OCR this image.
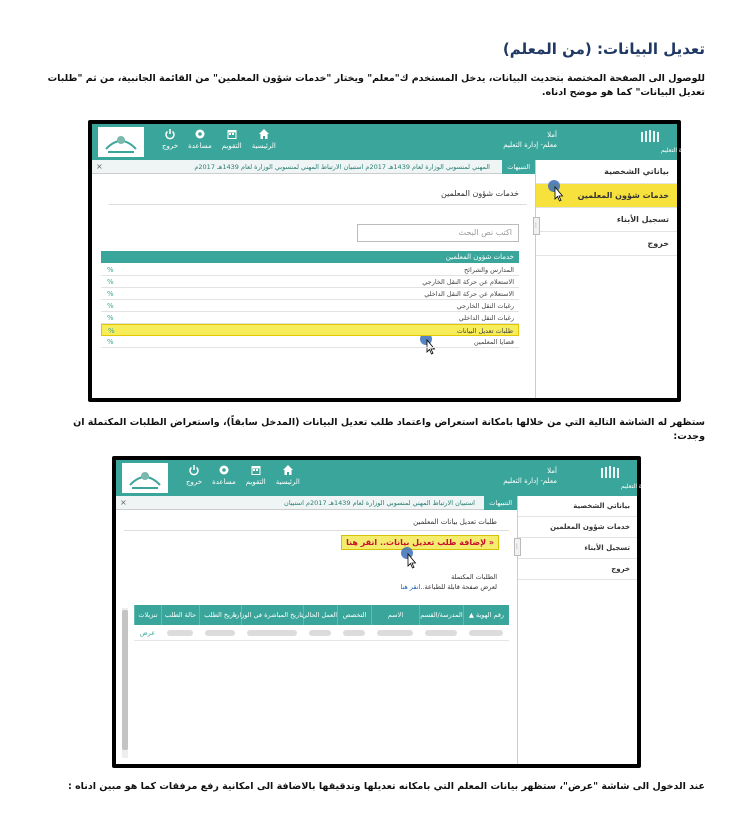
تعديل البيانات: (من المعلم)
للوصول الى الصفحة المختصة بتحديث البيانات، يدخل المستخدم ك"معلم" ويختار "خدمات شؤون المعلمين" من القائمة الجانبية، من ثم "طلبات تعديل البيانات" كما هو موضح ادناه.
ستظهر له الشاشة التالية التي من خلالها بامكانة استعراض واعتماد طلب تعديل البيانات (المدخل سابقاً)، واستعراض الطلبات المكتملة ان وجدت:
عند الدخول الى شاشة "عرض"، ستظهر بيانات المعلم التي بامكانه تعديلها وتدقيقها بالاضافة الى امكانية رفع مرفقات كما هو مبين ادناه :
وزارة التعليم
أملا
معلم- إدارة التعليم
الرئيسية
التقويم
مساعدة
خروج
بياناتي الشخصية
خدمات شؤون المعلمين
تسجيل الأبناء
خروج
التنبيهات
المهني لمنسوبي الوزارة لعام 1439هـ 2017م استبيان الارتباط المهني لمنسوبي الوزارة لعام 1439هـ 2017م
×
⋮
خدمات شؤون المعلمين
اكتب نص البحث
خدمات شؤون المعلمين
المدارس والشرائح
%
الاستعلام عن حركة النقل الخارجي
%
الاستعلام عن حركة النقل الداخلي
%
رغبات النقل الخارجي
%
رغبات النقل الداخلي
%
طلبات تعديل البيانات
%
قضايا المعلمين
%
وزارة التعليم
أملا
معلم- إدارة التعليم
الرئيسية
التقويم
مساعدة
خروج
بياناتي الشخصية
خدمات شؤون المعلمين
تسجيل الأبناء
خروج
التنبيهات
استبيان الارتباط المهني لمنسوبي الوزارة لعام 1439هـ 2017م استبيان
×
⋮
طلبات تعديل بيانات المعلمين
« لإضافة طلب تعديل بيانات.. انقر هنا
الطلبات المكتملة
لعرض صفحة قابلة للطباعة..انقر هنا
رقم الهوية ▲
المدرسة/القسم
الاسم
التخصص
العمل الحالي
تاريخ المباشرة في الوزارة
تاريخ الطلب
حالة الطلب
تنزيلات
عرض
